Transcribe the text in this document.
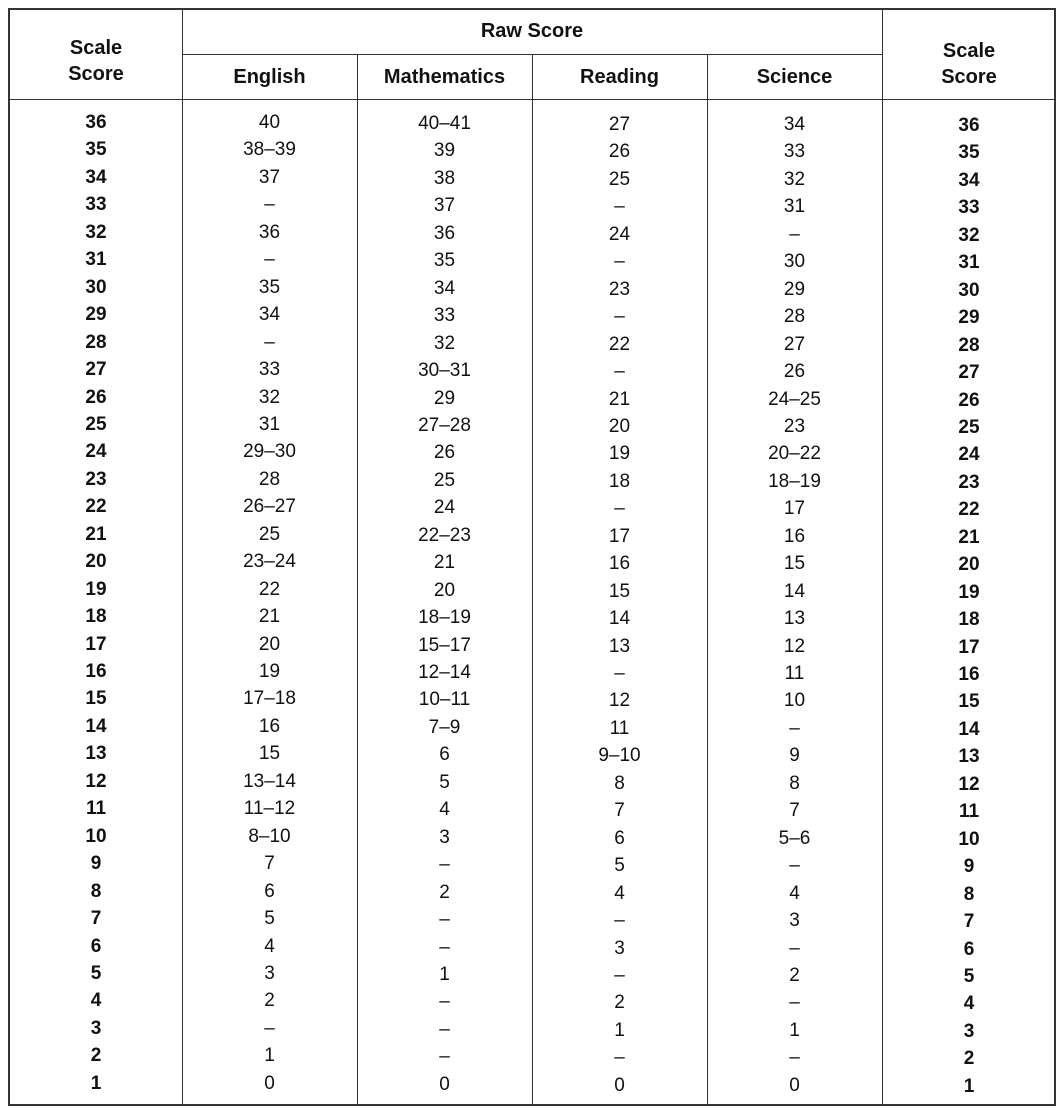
Scale
Score
Raw Score
English	Mathematics	Reading	Science
Scale
Score
36	40	40–41	27	34	36
35	38–39	39	26	33	35
34	37	38	25	32	34
33	–	37	–	31	33
32	36	36	24	–	32
31	–	35	–	30	31
30	35	34	23	29	30
29	34	33	–	28	29
28	–	32	22	27	28
27	33	30–31	–	26	27
26	32	29	21	24–25	26
25	31	27–28	20	23	25
24	29–30	26	19	20–22	24
23	28	25	18	18–19	23
22	26–27	24	–	17	22
21	25	22–23	17	16	21
20	23–24	21	16	15	20
19	22	20	15	14	19
18	21	18–19	14	13	18
17	20	15–17	13	12	17
16	19	12–14	–	11	16
15	17–18	10–11	12	10	15
14	16	7–9	11	–	14
13	15	6	9–10	9	13
12	13–14	5	8	8	12
11	11–12	4	7	7	11
10	8–10	3	6	5–6	10
9	7	–	5	–	9
8	6	2	4	4	8
7	5	–	–	3	7
6	4	–	3	–	6
5	3	1	–	2	5
4	2	–	2	–	4
3	–	–	1	1	3
2	1	–	–	–	2
1	0	0	0	0	1
